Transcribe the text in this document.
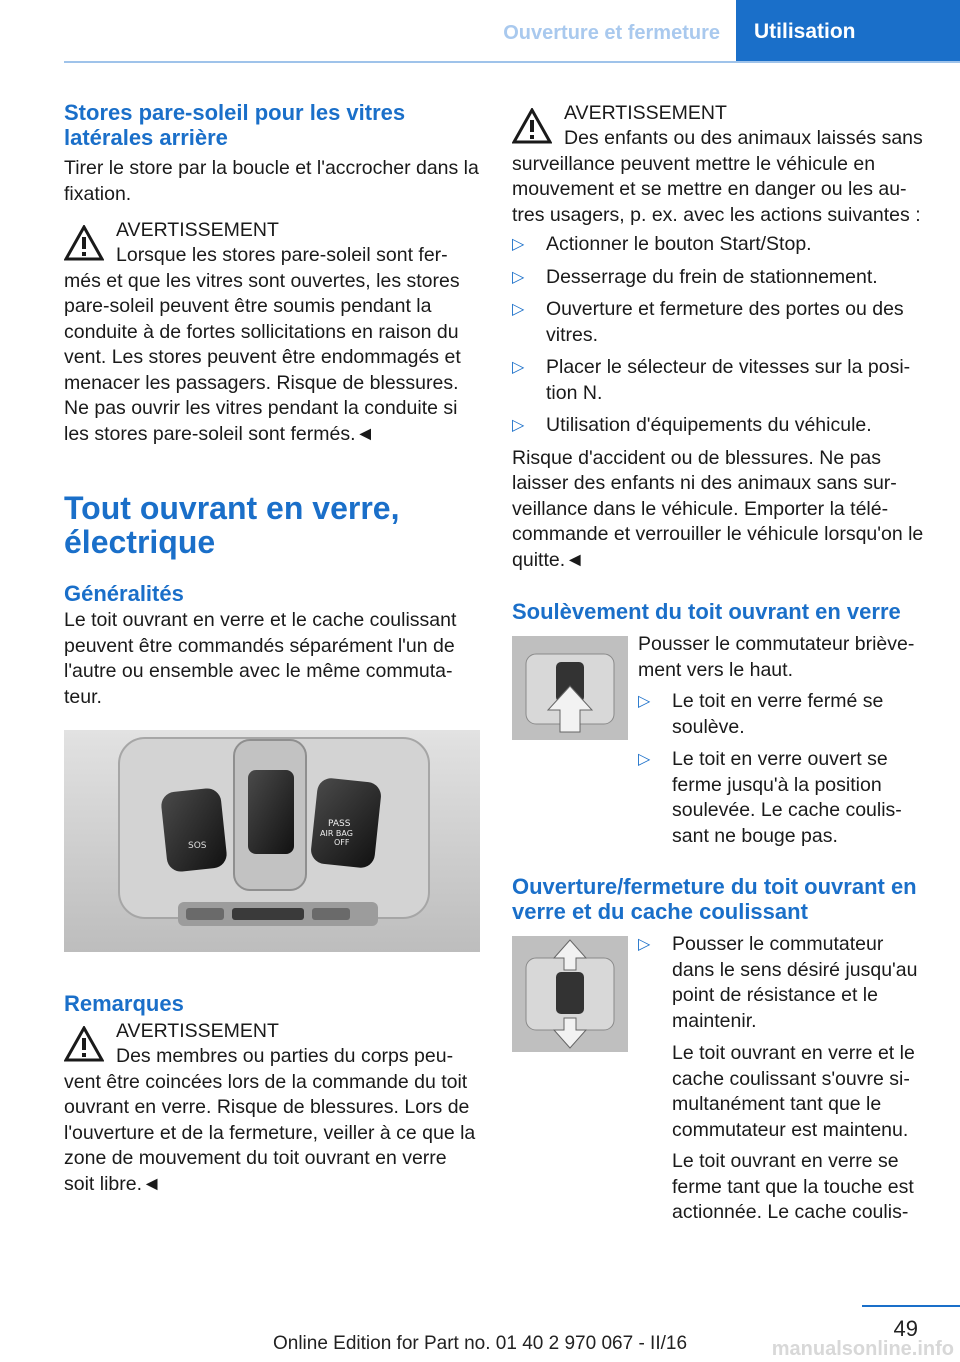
Ouverture et fermeture	Utilisation
Stores pare-soleil pour les vitres latérales arrière

Tirer le store par la boucle et l'accrocher dans la fixation.

AVERTISSEMENT
Lorsque les stores pare-soleil sont fer-més et que les vitres sont ouvertes, les stores pare-soleil peuvent être soumis pendant la conduite à de fortes sollicitations en raison du vent. Les stores peuvent être endommagés et menacer les passagers. Risque de blessures. Ne pas ouvrir les vitres pendant la conduite si les stores pare-soleil sont fermés.◄
Tout ouvrant en verre, électrique
Généralités

Le toit ouvrant en verre et le cache coulissant peuvent être commandés séparément l'un de l'autre ou ensemble avec le même commuta-teur.

SOS
PASS
AIR BAG
OFF
Remarques
AVERTISSEMENT
Des membres ou parties du corps peu-vent être coincées lors de la commande du toit ouvrant en verre. Risque de blessures. Lors de l'ouverture et de la fermeture, veiller à ce que la zone de mouvement du toit ouvrant en verre soit libre.◄
AVERTISSEMENT
Des enfants ou des animaux laissés sans surveillance peuvent mettre le véhicule en mouvement et se mettre en danger ou les au-tres usagers, p. ex. avec les actions suivantes :
▷ Actionner le bouton Start/Stop.
▷ Desserrage du frein de stationnement.
▷ Ouverture et fermeture des portes ou des vitres.
▷ Placer le sélecteur de vitesses sur la posi-tion N.
▷ Utilisation d'équipements du véhicule.

Risque d'accident ou de blessures. Ne pas laisser des enfants ni des animaux sans sur-veillance dans le véhicule. Emporter la télé-commande et verrouiller le véhicule lorsqu'on le quitte.◄

Soulèvement du toit ouvrant en verre

Pousser le commutateur briève-ment vers le haut.

▷ Le toit en verre fermé se soulève.
▷ Le toit en verre ouvert se ferme jusqu'à la position soulevée. Le cache coulis-sant ne bouge pas.
Ouverture/fermeture du toit ouvrant en verre et du cache coulissant
▷ Pousser le commutateur dans le sens désiré jusqu'au point de résistance et le maintenir.

Le toit ouvrant en verre et le cache coulissant s'ouvre si-multanément tant que le commutateur est maintenu.

Le toit ouvrant en verre se ferme tant que la touche est actionnée. Le cache coulis-

49
Online Edition for Part no. 01 40 2 970 067 - II/16	manualsonline.info
